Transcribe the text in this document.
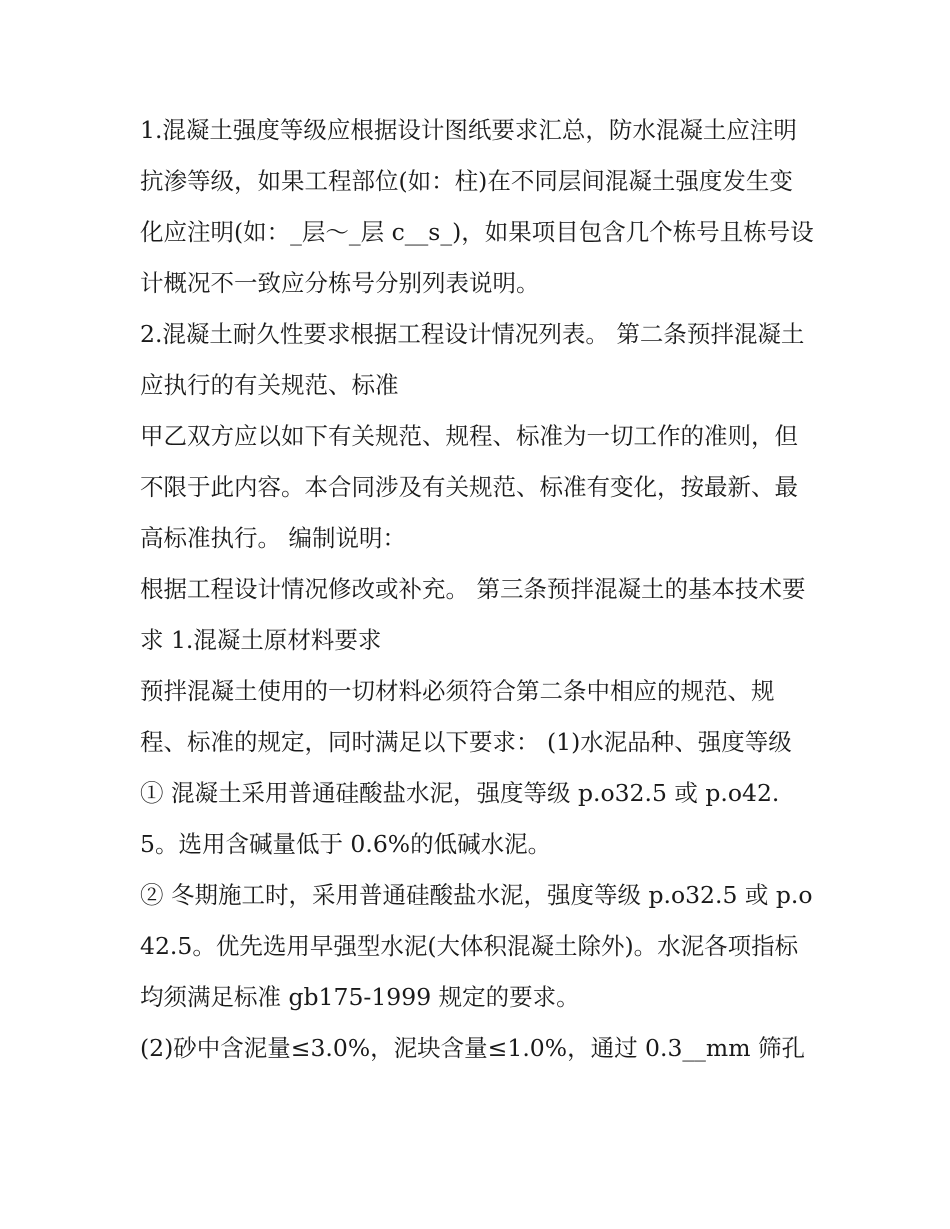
1.混凝土强度等级应根据设计图纸要求汇总，防水混凝土应注明抗渗等级，如果工程部位(如：柱)在不同层间混凝土强度发生变化应注明(如：_层～_层 c__s_)，如果项目包含几个栋号且栋号设计概况不一致应分栋号分别列表说明。

2.混凝土耐久性要求根据工程设计情况列表。 第二条预拌混凝土应执行的有关规范、标准

甲乙双方应以如下有关规范、规程、标准为一切工作的准则，但不限于此内容。本合同涉及有关规范、标准有变化，按最新、最高标准执行。 编制说明：

根据工程设计情况修改或补充。 第三条预拌混凝土的基本技术要求 1.混凝土原材料要求

预拌混凝土使用的一切材料必须符合第二条中相应的规范、规程、标准的规定，同时满足以下要求： (1)水泥品种、强度等级

① 混凝土采用普通硅酸盐水泥，强度等级 p.o32.5 或 p.o42.5。选用含碱量低于 0.6%的低碱水泥。

② 冬期施工时，采用普通硅酸盐水泥，强度等级 p.o32.5 或 p.o42.5。优先选用早强型水泥(大体积混凝土除外)。水泥各项指标均须满足标准 gb175-1999 规定的要求。

(2)砂中含泥量≤3.0%，泥块含量≤1.0%，通过 0.3__mm 筛孔
